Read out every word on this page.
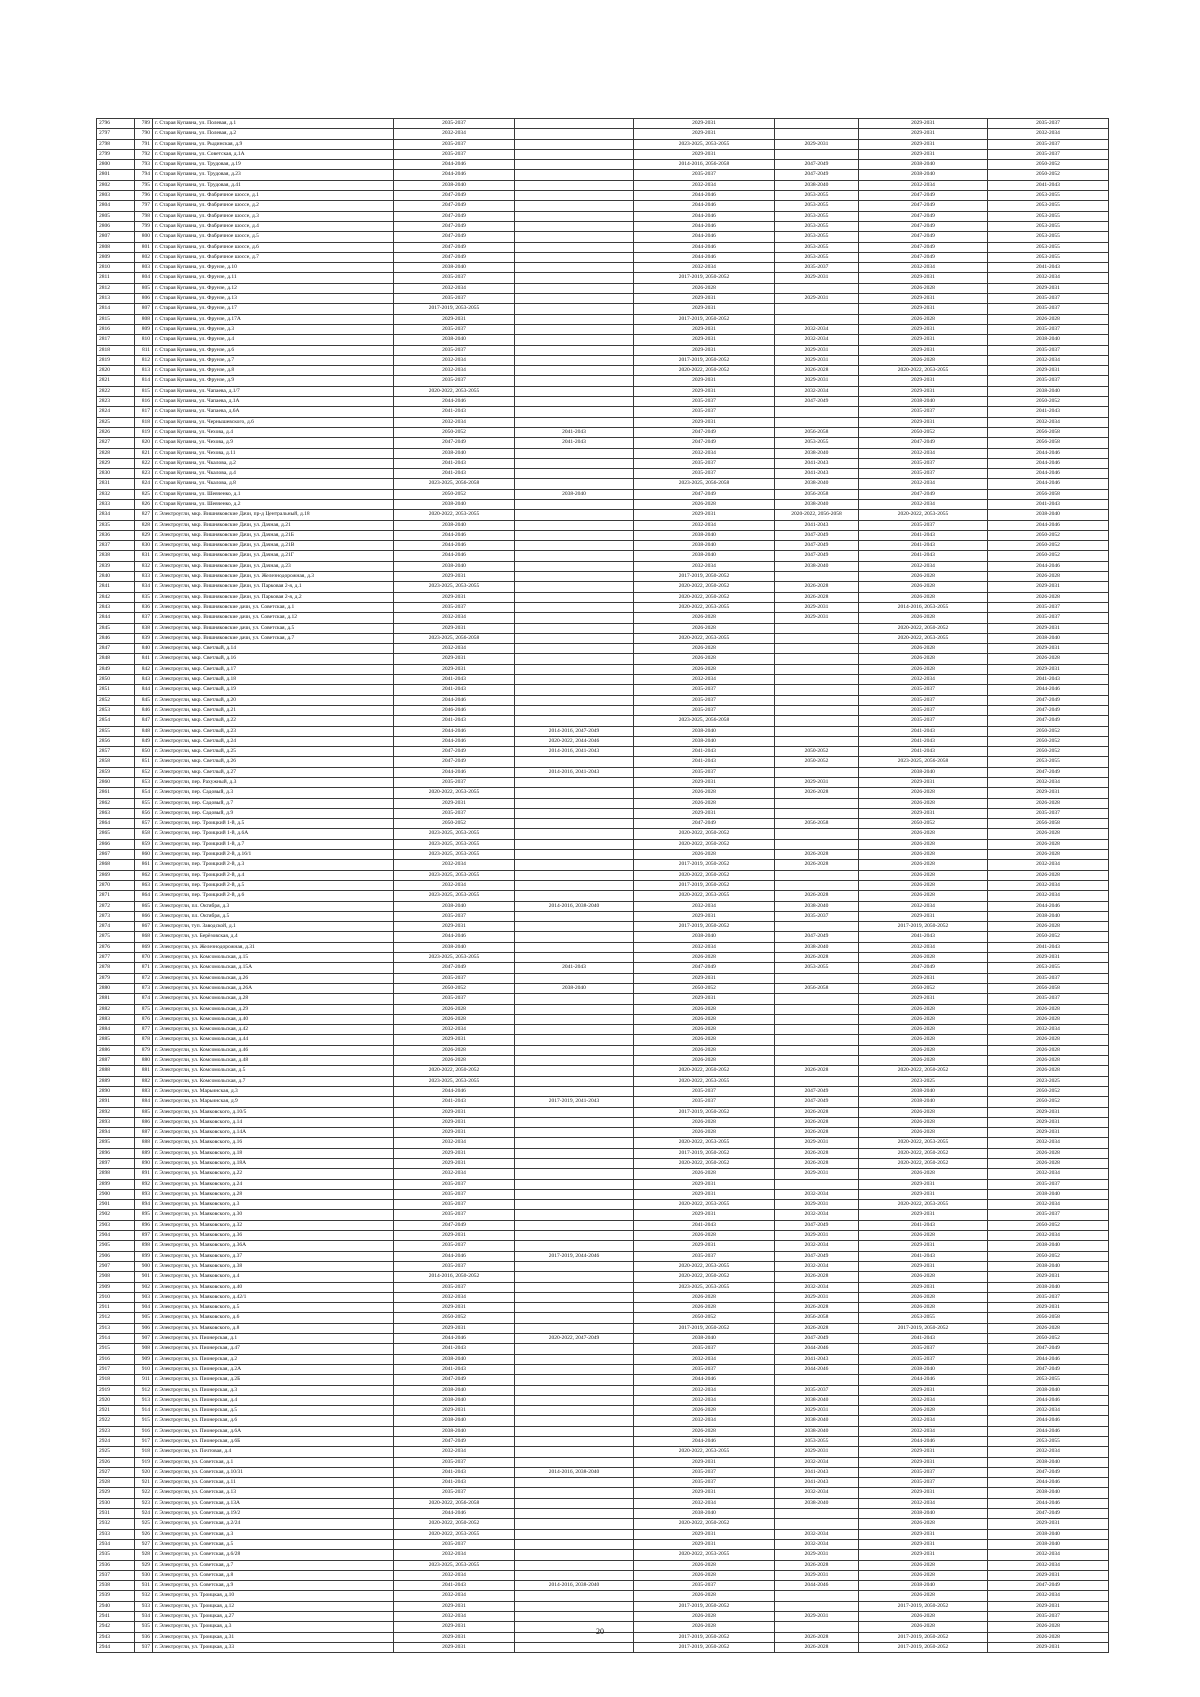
2796	789	г. Старая Купавна, ул. Полевая, д.1	2035-2037		2029-2031		2029-2031	2035-2037
2797	790	г. Старая Купавна, ул. Полевая, д.2	2032-2034		2029-2031		2029-2031	2032-2034
2798	791	г. Старая Купавна, ул. Рыдинская, д.9	2035-2037		2023-2025, 2053-2055	2029-2031	2029-2031	2035-2037
2799	792	г. Старая Купавна, ул. Советская, д.1А	2035-2037		2029-2031		2029-2031	2035-2037
2800	793	г. Старая Купавна, ул. Трудовая, д.19	2044-2046		2014-2016, 2056-2058	2047-2049	2038-2040	2050-2052
2801	794	г. Старая Купавна, ул. Трудовая, д.23	2044-2046		2035-2037	2047-2049	2038-2040	2050-2052
2802	795	г. Старая Купавна, ул. Трудовая, д.41	2038-2040		2032-2034	2038-2040	2032-2034	2041-2043
2803	796	г. Старая Купавна, ул. Фабричное шоссе, д.1	2047-2049		2044-2046	2053-2055	2047-2049	2053-2055
2804	797	г. Старая Купавна, ул. Фабричное шоссе, д.2	2047-2049		2044-2046	2053-2055	2047-2049	2053-2055
2805	798	г. Старая Купавна, ул. Фабричное шоссе, д.3	2047-2049		2044-2046	2053-2055	2047-2049	2053-2055
2806	799	г. Старая Купавна, ул. Фабричное шоссе, д.4	2047-2049		2044-2046	2053-2055	2047-2049	2053-2055
2807	800	г. Старая Купавна, ул. Фабричное шоссе, д.5	2047-2049		2044-2046	2053-2055	2047-2049	2053-2055
2808	801	г. Старая Купавна, ул. Фабричное шоссе, д.6	2047-2049		2044-2046	2053-2055	2047-2049	2053-2055
2809	802	г. Старая Купавна, ул. Фабричное шоссе, д.7	2047-2049		2044-2046	2053-2055	2047-2049	2053-2055
2810	803	г. Старая Купавна, ул. Фрунзе, д.10	2038-2040		2032-2034	2035-2037	2032-2034	2041-2043
2811	804	г. Старая Купавна, ул. Фрунзе, д.11	2035-2037		2017-2019, 2050-2052	2029-2031	2029-2031	2032-2034
2812	805	г. Старая Купавна, ул. Фрунзе, д.12	2032-2034		2026-2028		2026-2028	2029-2031
2813	806	г. Старая Купавна, ул. Фрунзе, д.13	2035-2037		2029-2031	2029-2031	2029-2031	2035-2037
2814	807	г. Старая Купавна, ул. Фрунзе, д.17	2017-2019, 2053-2055		2029-2031		2029-2031	2035-2037
2815	808	г. Старая Купавна, ул. Фрунзе, д.17А	2029-2031		2017-2019, 2050-2052		2026-2028	2026-2028
2816	809	г. Старая Купавна, ул. Фрунзе, д.3	2035-2037		2029-2031	2032-2034	2029-2031	2035-2037
2817	810	г. Старая Купавна, ул. Фрунзе, д.4	2038-2040		2029-2031	2032-2034	2029-2031	2038-2040
2818	811	г. Старая Купавна, ул. Фрунзе, д.6	2035-2037		2029-2031	2029-2031	2029-2031	2035-2037
2819	812	г. Старая Купавна, ул. Фрунзе, д.7	2032-2034		2017-2019, 2050-2052	2029-2031	2026-2028	2032-2034
2820	813	г. Старая Купавна, ул. Фрунзе, д.8	2032-2034		2020-2022, 2050-2052	2026-2028	2020-2022, 2053-2055	2029-2031
2821	814	г. Старая Купавна, ул. Фрунзе, д.9	2035-2037		2029-2031	2029-2031	2029-2031	2035-2037
2822	815	г. Старая Купавна, ул. Чапаева, д.1/7	2020-2022, 2053-2055		2029-2031	2032-2034	2029-2031	2038-2040
2823	816	г. Старая Купавна, ул. Чапаева, д.1А	2044-2046		2035-2037	2047-2049	2038-2040	2050-2052
2824	817	г. Старая Купавна, ул. Чапаева, д.6А	2041-2043		2035-2037		2035-2037	2041-2043
2825	818	г. Старая Купавна, ул. Чернышевского, д.6	2032-2034		2029-2031		2029-2031	2032-2034
2826	819	г. Старая Купавна, ул. Чехова, д.4	2050-2052	2041-2043	2047-2049	2056-2058	2050-2052	2056-2058
2827	820	г. Старая Купавна, ул. Чехова, д.9	2047-2049	2041-2043	2047-2049	2053-2055	2047-2049	2056-2058
2828	821	г. Старая Купавна, ул. Чехова, д.11	2038-2040		2032-2034	2038-2040	2032-2034	2044-2046
2829	822	г. Старая Купавна, ул. Чкалова, д.2	2041-2043		2035-2037	2041-2043	2035-2037	2044-2046
2830	823	г. Старая Купавна, ул. Чкалова, д.4	2041-2043		2035-2037	2041-2043	2035-2037	2044-2046
2831	824	г. Старая Купавна, ул. Чкалова, д.8	2023-2025, 2056-2058		2023-2025, 2056-2058	2038-2040	2032-2034	2044-2046
2832	825	г. Старая Купавна, ул. Шевченко, д.1	2050-2052	2038-2040	2047-2049	2056-2058	2047-2049	2056-2058
2833	826	г. Старая Купавна, ул. Шевченко, д.2	2038-2040		2026-2028	2038-2040	2032-2034	2041-2043
2834	827	г. Электроугли, мкр. Вишняковские Дачи, пр-д Центральный, д.18	2020-2022, 2053-2055		2029-2031	2020-2022, 2056-2058	2020-2022, 2053-2055	2038-2040
2835	828	г. Электроугли, мкр. Вишняковские Дачи, ул. Дачная, д.21	2038-2040		2032-2034	2041-2043	2035-2037	2044-2046
2836	829	г. Электроугли, мкр. Вишняковские Дачи, ул. Дачная, д.21Б	2044-2046		2038-2040	2047-2049	2041-2043	2050-2052
2837	830	г. Электроугли, мкр. Вишняковские Дачи, ул. Дачная, д.21В	2044-2046		2038-2040	2047-2049	2041-2043	2050-2052
2838	831	г. Электроугли, мкр. Вишняковские Дачи, ул. Дачная, д.21Г	2044-2046		2038-2040	2047-2049	2041-2043	2050-2052
2839	832	г. Электроугли, мкр. Вишняковские Дачи, ул. Дачная, д.23	2038-2040		2032-2034	2038-2040	2032-2034	2044-2046
2840	833	г. Электроугли, мкр. Вишняковские Дачи, ул. Железнодорожная, д.3	2029-2031		2017-2019, 2050-2052		2026-2028	2026-2028
2841	834	г. Электроугли, мкр. Вишняковские Дачи, ул. Парковая 2-я, д.1	2023-2025, 2053-2055		2020-2022, 2050-2052	2026-2028	2026-2028	2029-2031
2842	835	г. Электроугли, мкр. Вишняковские Дачи, ул. Парковая 2-я, д.2	2029-2031		2020-2022, 2050-2052	2026-2028	2026-2028	2026-2028
2843	836	г. Электроугли, мкр. Вишняковские дачи, ул. Советская, д.1	2035-2037		2020-2022, 2053-2055	2029-2031	2014-2016, 2053-2055	2035-2037
2844	837	г. Электроугли, мкр. Вишняковские дачи, ул. Советская, д.12	2032-2034		2026-2028	2029-2031	2026-2028	2035-2037
2845	838	г. Электроугли, мкр. Вишняковские дачи, ул. Советская, д.5	2029-2031		2026-2028		2020-2022, 2050-2052	2029-2031
2846	839	г. Электроугли, мкр. Вишняковские дачи, ул. Советская, д.7	2023-2025, 2056-2058		2020-2022, 2053-2055		2020-2022, 2053-2055	2038-2040
2847	840	г. Электроугли, мкр. Светлый, д.14	2032-2034		2026-2028		2026-2028	2029-2031
2848	841	г. Электроугли, мкр. Светлый, д.16	2029-2031		2026-2028		2026-2028	2026-2028
2849	842	г. Электроугли, мкр. Светлый, д.17	2029-2031		2026-2028		2026-2028	2029-2031
2850	843	г. Электроугли, мкр. Светлый, д.18	2041-2043		2032-2034		2032-2034	2041-2043
2851	844	г. Электроугли, мкр. Светлый, д.19	2041-2043		2035-2037		2035-2037	2044-2046
2852	845	г. Электроугли, мкр. Светлый, д.20	2044-2046		2035-2037		2035-2037	2047-2049
2853	846	г. Электроугли, мкр. Светлый, д.21	2046-2046		2035-2037		2035-2037	2047-2049
2854	847	г. Электроугли, мкр. Светлый, д.22	2041-2043		2023-2025, 2056-2058		2035-2037	2047-2049
2855	848	г. Электроугли, мкр. Светлый, д.23	2044-2046	2014-2016, 2047-2049	2038-2040		2041-2043	2050-2052
2856	849	г. Электроугли, мкр. Светлый, д.24	2044-2046	2020-2022, 2044-2046	2038-2040		2041-2043	2050-2052
2857	850	г. Электроугли, мкр. Светлый, д.25	2047-2049	2014-2016, 2041-2043	2041-2043	2050-2052	2041-2043	2050-2052
2858	851	г. Электроугли, мкр. Светлый, д.26	2047-2049		2041-2043	2050-2052	2023-2025, 2056-2058	2053-2055
2859	852	г. Электроугли, мкр. Светлый, д.27	2044-2046	2014-2016, 2041-2043	2035-2037		2038-2040	2047-2049
2860	853	г. Электроугли, пер. Рахужный, д.3	2035-2037		2029-2031	2029-2031	2029-2031	2032-2034
2861	854	г. Электроугли, пер. Садовый, д.3	2020-2022, 2053-2055		2026-2028	2026-2028	2026-2028	2029-2031
2862	855	г. Электроугли, пер. Садовый, д.7	2029-2031		2026-2028		2026-2028	2026-2028
2863	856	г. Электроугли, пер. Садовый, д.9	2035-2037		2029-2031		2029-2031	2035-2037
2864	857	г. Электроугли, пер. Троицкий 1-й, д.5	2050-2052		2047-2049	2056-2058	2050-2052	2056-2058
2865	858	г. Электроугли, пер. Троицкий 1-й, д.6А	2023-2025, 2053-2055		2020-2022, 2050-2052		2026-2028	2026-2028
2866	859	г. Электроугли, пер. Троицкий 1-й, д.7	2023-2025, 2053-2055		2020-2022, 2050-2052		2026-2028	2026-2028
2867	860	г. Электроугли, пер. Троицкий 2-й, д.16/1	2023-2025, 2053-2055		2026-2028	2026-2028	2026-2028	2026-2028
2868	861	г. Электроугли, пер. Троицкий 2-й, д.3	2032-2034		2017-2019, 2050-2052	2026-2028	2026-2028	2032-2034
2869	862	г. Электроугли, пер. Троицкий 2-й, д.4	2023-2025, 2053-2055		2020-2022, 2050-2052		2026-2028	2026-2028
2870	863	г. Электроугли, пер. Троицкий 2-й, д.5	2032-2034		2017-2019, 2050-2052		2026-2028	2032-2034
2871	864	г. Электроугли, пер. Троицкий 2-й, д.6	2023-2025, 2053-2055		2020-2022, 2053-2055	2026-2028	2026-2028	2032-2034
2872	865	г. Электроугли, пл. Октября, д.3	2038-2040	2014-2016, 2038-2040	2032-2034	2038-2040	2032-2034	2044-2046
2873	866	г. Электроугли, пл. Октября, д.5	2035-2037		2029-2031	2035-2037	2029-2031	2038-2040
2874	867	г. Электроугли, туп. Заводской, д.1	2029-2031		2017-2019, 2050-2052		2017-2019, 2050-2052	2026-2028
2875	868	г. Электроугли, ул. Берёзовская, д.4	2044-2046		2038-2040	2047-2049	2041-2043	2050-2052
2876	869	г. Электроугли, ул. Железнодорожная, д.31	2038-2040		2032-2034	2038-2040	2032-2034	2041-2043
2877	870	г. Электроугли, ул. Комсомольская, д.15	2023-2025, 2053-2055		2026-2028	2026-2028	2026-2028	2029-2031
2878	871	г. Электроугли, ул. Комсомольская, д.15А	2047-2049	2041-2043	2047-2049	2053-2055	2047-2049	2053-2055
2879	872	г. Электроугли, ул. Комсомольская, д.26	2035-2037		2029-2031		2029-2031	2035-2037
2880	873	г. Электроугли, ул. Комсомольская, д.26А	2050-2052	2038-2040	2050-2052	2056-2058	2050-2052	2056-2058
2881	874	г. Электроугли, ул. Комсомольская, д.28	2035-2037		2029-2031		2029-2031	2035-2037
2882	875	г. Электроугли, ул. Комсомольская, д.29	2026-2028		2026-2028		2026-2028	2026-2028
2883	876	г. Электроугли, ул. Комсомольская, д.40	2026-2028		2026-2028		2026-2028	2026-2028
2884	877	г. Электроугли, ул. Комсомольская, д.42	2032-2034		2026-2028		2026-2028	2032-2034
2885	878	г. Электроугли, ул. Комсомольская, д.44	2029-2031		2026-2028		2026-2028	2026-2028
2886	879	г. Электроугли, ул. Комсомольская, д.46	2026-2028		2026-2028		2026-2028	2026-2028
2887	880	г. Электроугли, ул. Комсомольская, д.48	2026-2028		2026-2028		2026-2028	2026-2028
2888	881	г. Электроугли, ул. Комсомольская, д.5	2020-2022, 2050-2052		2020-2022, 2050-2052	2026-2028	2020-2022, 2050-2052	2026-2028
2889	882	г. Электроугли, ул. Комсомольская, д.7	2023-2025, 2053-2055		2020-2022, 2053-2055		2023-2025	2023-2025
2890	883	г. Электроугли, ул. Марьинская, д.3	2044-2046		2035-2037	2047-2049	2038-2040	2050-2052
2891	884	г. Электроугли, ул. Марьинская, д.9	2041-2043	2017-2019, 2041-2043	2035-2037	2047-2049	2038-2040	2050-2052
2892	885	г. Электроугли, ул. Маяковского, д.10/5	2029-2031		2017-2019, 2050-2052	2026-2028	2026-2028	2029-2031
2893	886	г. Электроугли, ул. Маяковского, д.14	2029-2031		2026-2028	2026-2028	2026-2028	2029-2031
2894	887	г. Электроугли, ул. Маяковского, д.14А	2029-2031		2026-2028	2026-2028	2026-2028	2029-2031
2895	888	г. Электроугли, ул. Маяковского, д.16	2032-2034		2020-2022, 2053-2055	2029-2031	2020-2022, 2053-2055	2032-2034
2896	889	г. Электроугли, ул. Маяковского, д.18	2029-2031		2017-2019, 2050-2052	2026-2028	2020-2022, 2050-2052	2026-2028
2897	890	г. Электроугли, ул. Маяковского, д.18А	2029-2031		2020-2022, 2050-2052	2026-2028	2020-2022, 2050-2052	2026-2028
2898	891	г. Электроугли, ул. Маяковского, д.22	2032-2034		2026-2028	2029-2031	2026-2028	2032-2034
2899	892	г. Электроугли, ул. Маяковского, д.24	2035-2037		2029-2031		2029-2031	2035-2037
2900	893	г. Электроугли, ул. Маяковского, д.28	2035-2037		2029-2031	2032-2034	2029-2031	2038-2040
2901	894	г. Электроугли, ул. Маяковского, д.3	2035-2037		2020-2022, 2053-2055	2029-2031	2020-2022, 2053-2055	2032-2034
2902	895	г. Электроугли, ул. Маяковского, д.30	2035-2037		2029-2031	2032-2034	2029-2031	2035-2037
2903	896	г. Электроугли, ул. Маяковского, д.32	2047-2049		2041-2043	2047-2049	2041-2043	2050-2052
2904	897	г. Электроугли, ул. Маяковского, д.36	2029-2031		2026-2028	2029-2031	2026-2028	2032-2034
2905	898	г. Электроугли, ул. Маяковского, д.36А	2035-2037		2029-2031	2032-2034	2029-2031	2038-2040
2906	899	г. Электроугли, ул. Маяковского, д.37	2044-2046	2017-2019, 2044-2046	2035-2037	2047-2049	2041-2043	2050-2052
2907	900	г. Электроугли, ул. Маяковского, д.38	2035-2037		2020-2022, 2053-2055	2032-2034	2029-2031	2038-2040
2908	901	г. Электроугли, ул. Маяковского, д.4	2014-2016, 2050-2052		2020-2022, 2050-2052	2026-2028	2026-2028	2029-2031
2909	902	г. Электроугли, ул. Маяковского, д.40	2035-2037		2023-2025, 2053-2055	2032-2034	2029-2031	2038-2040
2910	903	г. Электроугли, ул. Маяковского, д.42/1	2032-2034		2026-2028	2029-2031	2026-2028	2035-2037
2911	904	г. Электроугли, ул. Маяковского, д.5	2029-2031		2026-2028	2026-2028	2026-2028	2029-2031
2912	905	г. Электроугли, ул. Маяковского, д.6	2050-2052		2050-2052	2056-2058	2053-2055	2056-2058
2913	906	г. Электроугли, ул. Маяковского, д.8	2029-2031		2017-2019, 2050-2052	2026-2028	2017-2019, 2050-2052	2026-2028
2914	907	г. Электроугли, ул. Пионерская, д.1	2044-2046	2020-2022, 2047-2049	2038-2040	2047-2049	2041-2043	2050-2052
2915	908	г. Электроугли, ул. Пионерская, д.47	2041-2043		2035-2037	2044-2046	2035-2037	2047-2049
2916	909	г. Электроугли, ул. Пионерская, д.2	2038-2040		2032-2034	2041-2043	2035-2037	2044-2046
2917	910	г. Электроугли, ул. Пионерская, д.2А	2041-2043		2035-2037	2044-2046	2038-2040	2047-2049
2918	911	г. Электроугли, ул. Пионерская, д.2Б	2047-2049		2044-2046		2044-2046	2053-2055
2919	912	г. Электроугли, ул. Пионерская, д.3	2038-2040		2032-2034	2035-2037	2029-2031	2038-2040
2920	913	г. Электроугли, ул. Пионерская, д.4	2038-2040		2032-2034	2038-2040	2032-2034	2044-2046
2921	914	г. Электроугли, ул. Пионерская, д.5	2029-2031		2026-2028	2029-2031	2026-2028	2032-2034
2922	915	г. Электроугли, ул. Пионерская, д.6	2038-2040		2032-2034	2038-2040	2032-2034	2044-2046
2923	916	г. Электроугли, ул. Пионерская, д.6А	2038-2040		2026-2028	2038-2040	2032-2034	2044-2046
2924	917	г. Электроугли, ул. Пионерская, д.6Б	2047-2049		2044-2046	2053-2055	2044-2046	2053-2055
2925	918	г. Электроугли, ул. Почтовая, д.4	2032-2034		2020-2022, 2053-2055	2029-2031	2029-2031	2032-2034
2926	919	г. Электроугли, ул. Советская, д.1	2035-2037		2029-2031	2032-2034	2029-2031	2038-2040
2927	920	г. Электроугли, ул. Советская, д.10/31	2041-2043	2014-2016, 2038-2040	2035-2037	2041-2043	2035-2037	2047-2049
2928	921	г. Электроугли, ул. Советская, д.11	2041-2043		2035-2037	2041-2043	2035-2037	2044-2046
2929	922	г. Электроугли, ул. Советская, д.13	2035-2037		2029-2031	2032-2034	2029-2031	2038-2040
2930	923	г. Электроугли, ул. Советская, д.13А	2020-2022, 2056-2058		2032-2034	2038-2040	2032-2034	2044-2046
2931	924	г. Электроугли, ул. Советская, д.19/2	2044-2046		2038-2040		2038-2040	2047-2049
2932	925	г. Электроугли, ул. Советская, д.2/24	2020-2022, 2050-2052		2020-2022, 2050-2052		2026-2028	2029-2031
2933	926	г. Электроугли, ул. Советская, д.3	2020-2022, 2053-2055		2029-2031	2032-2034	2029-2031	2038-2040
2934	927	г. Электроугли, ул. Советская, д.5	2035-2037		2029-2031	2032-2034	2029-2031	2038-2040
2935	928	г. Электроугли, ул. Советская, д.6/28	2032-2034		2020-2022, 2053-2055	2029-2031	2029-2031	2032-2034
2936	929	г. Электроугли, ул. Советская, д.7	2023-2025, 2053-2055		2026-2028	2026-2028	2026-2028	2032-2034
2937	930	г. Электроугли, ул. Советская, д.8	2032-2034		2026-2028	2029-2031	2026-2028	2029-2031
2938	931	г. Электроугли, ул. Советская, д.9	2041-2043	2014-2016, 2038-2040	2035-2037	2044-2046	2038-2040	2047-2049
2939	932	г. Электроугли, ул. Троицкая, д.10	2032-2034		2026-2028		2026-2028	2032-2034
2940	933	г. Электроугли, ул. Троицкая, д.12	2029-2031		2017-2019, 2050-2052		2017-2019, 2050-2052	2029-2031
2941	934	г. Электроугли, ул. Троицкая, д.27	2032-2034		2026-2028	2029-2031	2026-2028	2035-2037
2942	935	г. Электроугли, ул. Троицкая, д.3	2029-2031		2026-2028		2026-2028	2026-2028
2943	936	г. Электроугли, ул. Троицкая, д.31	2029-2031		2017-2019, 2050-2052	2026-2028	2017-2019, 2050-2052	2026-2028
2944	937	г. Электроугли, ул. Троицкая, д.33	2029-2031		2017-2019, 2050-2052	2026-2028	2017-2019, 2050-2052	2029-2031
20
